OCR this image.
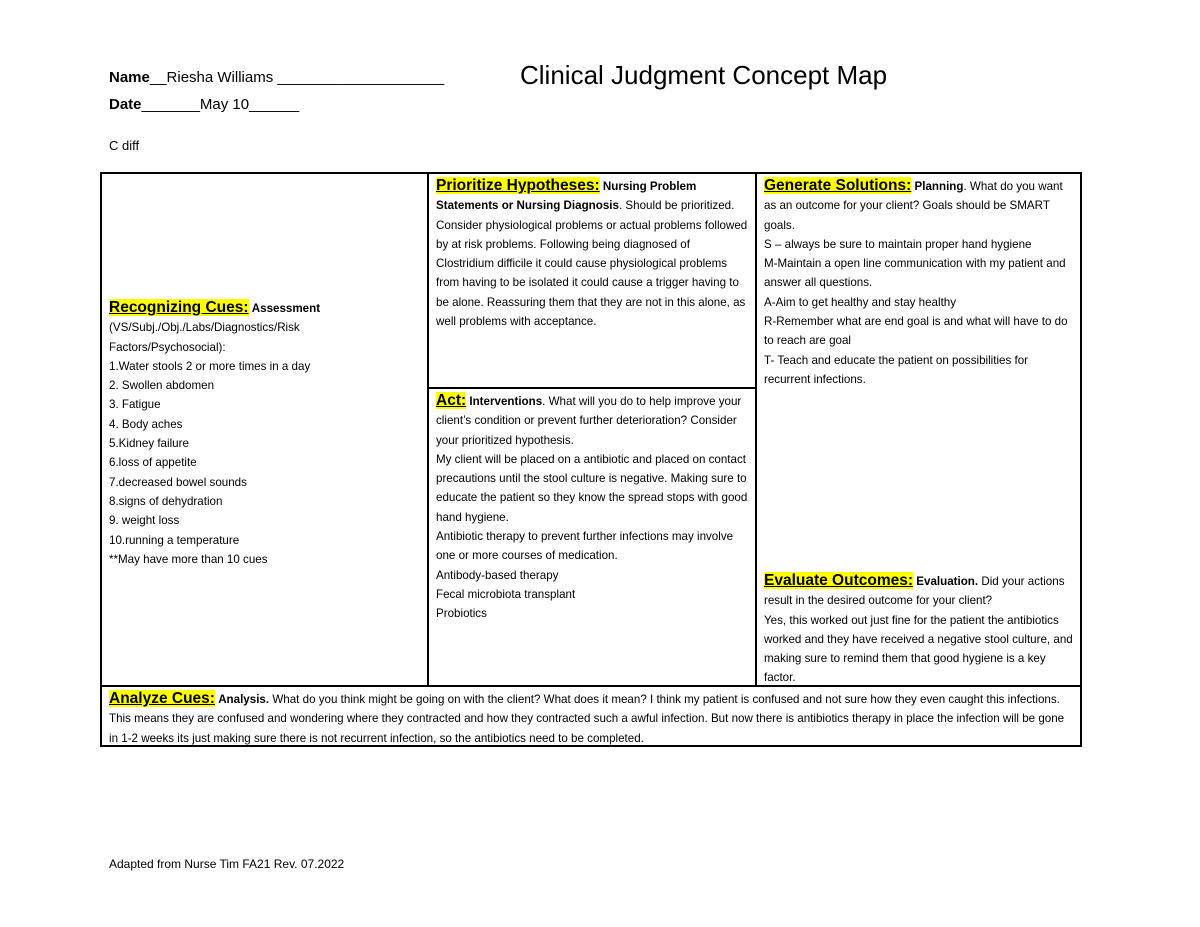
Name__Riesha Williams ____________________
Date_______May 10______
Clinical Judgment Concept Map
C diff
Recognizing Cues: Assessment
(VS/Subj./Obj./Labs/Diagnostics/Risk
Factors/Psychosocial):
1.Water stools 2 or more times in a day
2. Swollen abdomen
3. Fatigue
4. Body aches
5.Kidney failure
6.loss of appetite
7.decreased bowel sounds
8.signs of dehydration
9. weight loss
10.running a temperature
**May have more than 10 cues
Prioritize Hypotheses: Nursing Problem Statements or Nursing Diagnosis. Should be prioritized. Consider physiological problems or actual problems followed by at risk problems. Following being diagnosed of Clostridium difficile it could cause physiological problems from having to be isolated it could cause a trigger having to be alone. Reassuring them that they are not in this alone, as well problems with acceptance.
Act: Interventions. What will you do to help improve your client’s condition or prevent further deterioration? Consider your prioritized hypothesis.
My client will be placed on a antibiotic and placed on contact precautions until the stool culture is negative. Making sure to educate the patient so they know the spread stops with good hand hygiene.
Antibiotic therapy to prevent further infections may involve one or more courses of medication.
Antibody-based therapy
Fecal microbiota transplant
Probiotics
Generate Solutions: Planning. What do you want as an outcome for your client? Goals should be SMART goals.
S – always be sure to maintain proper hand hygiene
M-Maintain a open line communication with my patient and answer all questions.
A-Aim to get healthy and stay healthy
R-Remember what are end goal is and what will have to do to reach are goal
T- Teach and educate the patient on possibilities for recurrent infections.
Evaluate Outcomes: Evaluation. Did your actions result in the desired outcome for your client?
Yes, this worked out just fine for the patient the antibiotics worked and they have received a negative stool culture, and making sure to remind them that good hygiene is a key factor.
Analyze Cues: Analysis. What do you think might be going on with the client? What does it mean? I think my patient is confused and not sure how they even caught this infections. This means they are confused and wondering where they contracted and how they contracted such a awful infection. But now there is antibiotics therapy in place the infection will be gone in 1-2 weeks its just making sure there is not recurrent infection, so the antibiotics need to be completed.
Adapted from Nurse Tim FA21 Rev. 07.2022
